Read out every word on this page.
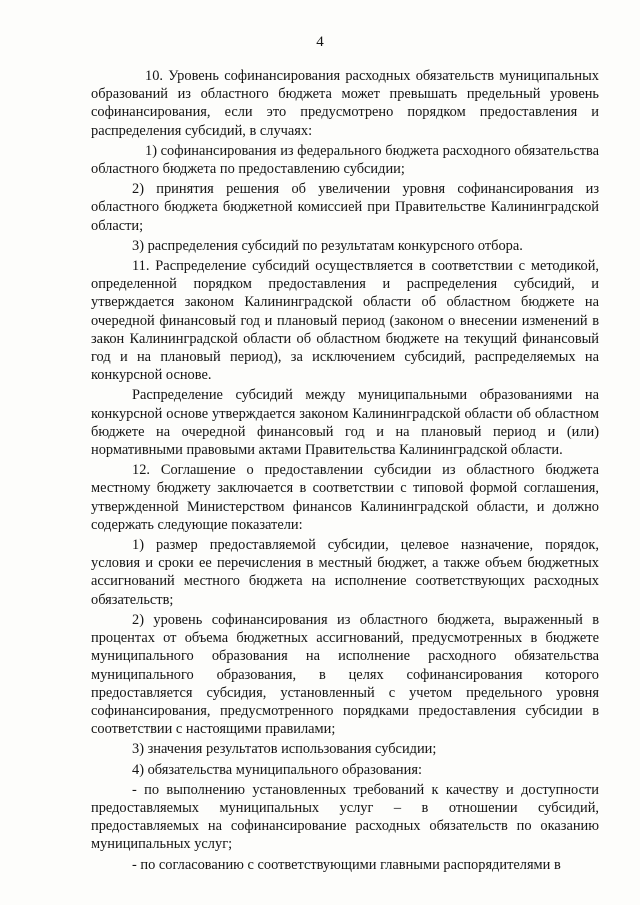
4

10. Уровень софинансирования расходных обязательств муниципальных образований из областного бюджета может превышать предельный уровень софинансирования, если это предусмотрено порядком предоставления и распределения субсидий, в случаях:

1) софинансирования из федерального бюджета расходного обязательства областного бюджета по предоставлению субсидии;

2) принятия решения об увеличении уровня софинансирования из областного бюджета бюджетной комиссией при Правительстве Калининградской области;

3) распределения субсидий по результатам конкурсного отбора.

11. Распределение субсидий осуществляется в соответствии с методикой, определенной порядком предоставления и распределения субсидий, и утверждается законом Калининградской области об областном бюджете на очередной финансовый год и плановый период (законом о внесении изменений в закон Калининградской области об областном бюджете на текущий финансовый год и на плановый период), за исключением субсидий, распределяемых на конкурсной основе.

Распределение субсидий между муниципальными образованиями на конкурсной основе утверждается законом Калининградской области об областном бюджете на очередной финансовый год и на плановый период и (или) нормативными правовыми актами Правительства Калининградской области.

12. Соглашение о предоставлении субсидии из областного бюджета местному бюджету заключается в соответствии с типовой формой соглашения, утвержденной Министерством финансов Калининградской области, и должно содержать следующие показатели:

1) размер предоставляемой субсидии, целевое назначение, порядок, условия и сроки ее перечисления в местный бюджет, а также объем бюджетных ассигнований местного бюджета на исполнение соответствующих расходных обязательств;

2) уровень софинансирования из областного бюджета, выраженный в процентах от объема бюджетных ассигнований, предусмотренных в бюджете муниципального образования на исполнение расходного обязательства муниципального образования, в целях софинансирования которого предоставляется субсидия, установленный с учетом предельного уровня софинансирования, предусмотренного порядками предоставления субсидии в соответствии с настоящими правилами;

3) значения результатов использования субсидии;

4) обязательства муниципального образования:

- по выполнению установленных требований к качеству и доступности предоставляемых муниципальных услуг – в отношении субсидий, предоставляемых на софинансирование расходных обязательств по оказанию муниципальных услуг;

- по согласованию с соответствующими главными распорядителями в
